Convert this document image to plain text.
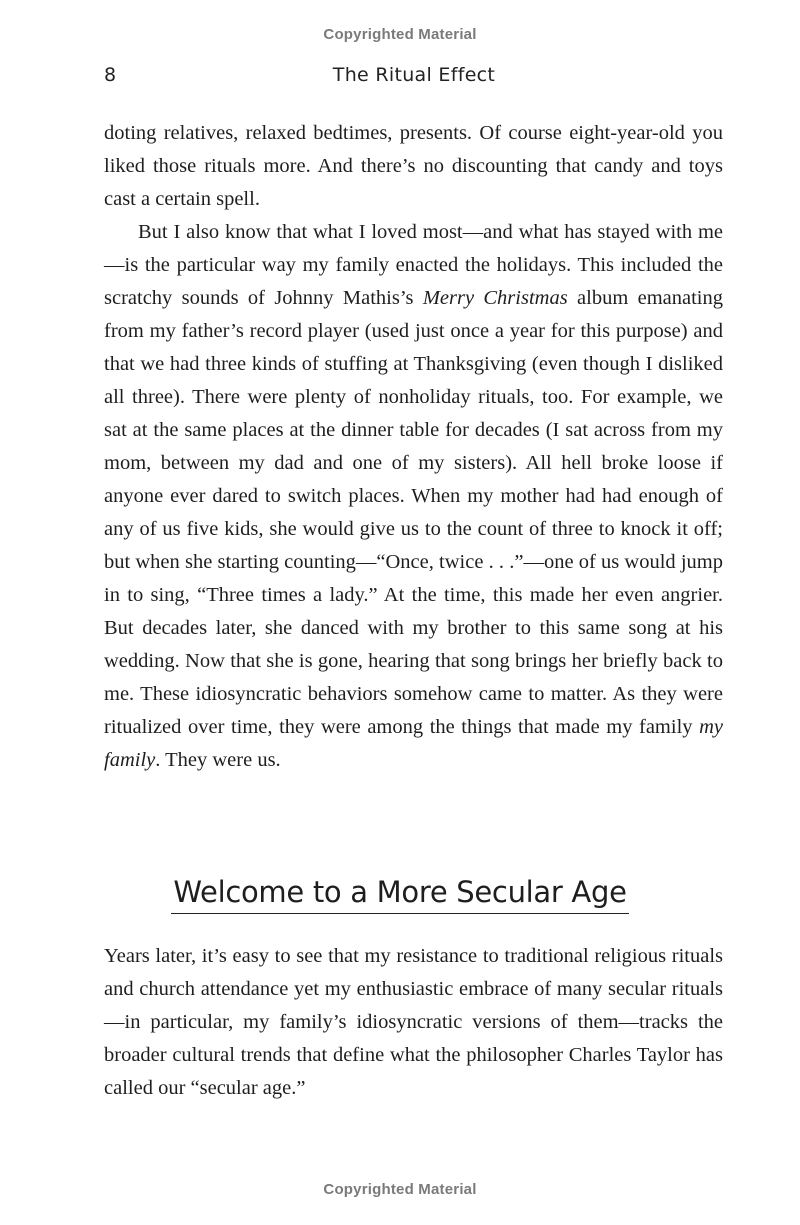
Copyrighted Material
8	The Ritual Effect

doting relatives, relaxed bedtimes, presents. Of course eight-year-old you liked those rituals more. And there’s no discounting that candy and toys cast a certain spell.

But I also know that what I loved most—and what has stayed with me—is the particular way my family enacted the holidays. This included the scratchy sounds of Johnny Mathis’s Merry Christmas album emanating from my father’s record player (used just once a year for this purpose) and that we had three kinds of stuffing at Thanksgiving (even though I disliked all three). There were plenty of nonholiday rituals, too. For example, we sat at the same places at the dinner table for decades (I sat across from my mom, between my dad and one of my sisters). All hell broke loose if anyone ever dared to switch places. When my mother had had enough of any of us five kids, she would give us to the count of three to knock it off; but when she starting counting—“Once, twice . . .”—one of us would jump in to sing, “Three times a lady.” At the time, this made her even angrier. But decades later, she danced with my brother to this same song at his wedding. Now that she is gone, hearing that song brings her briefly back to me. These idiosyncratic behaviors somehow came to matter. As they were ritualized over time, they were among the things that made my family my family. They were us.

Welcome to a More Secular Age

Years later, it’s easy to see that my resistance to traditional religious rituals and church attendance yet my enthusiastic embrace of many secular rituals—in particular, my family’s idiosyncratic versions of them—tracks the broader cultural trends that define what the philosopher Charles Taylor has called our “secular age.”

Copyrighted Material
